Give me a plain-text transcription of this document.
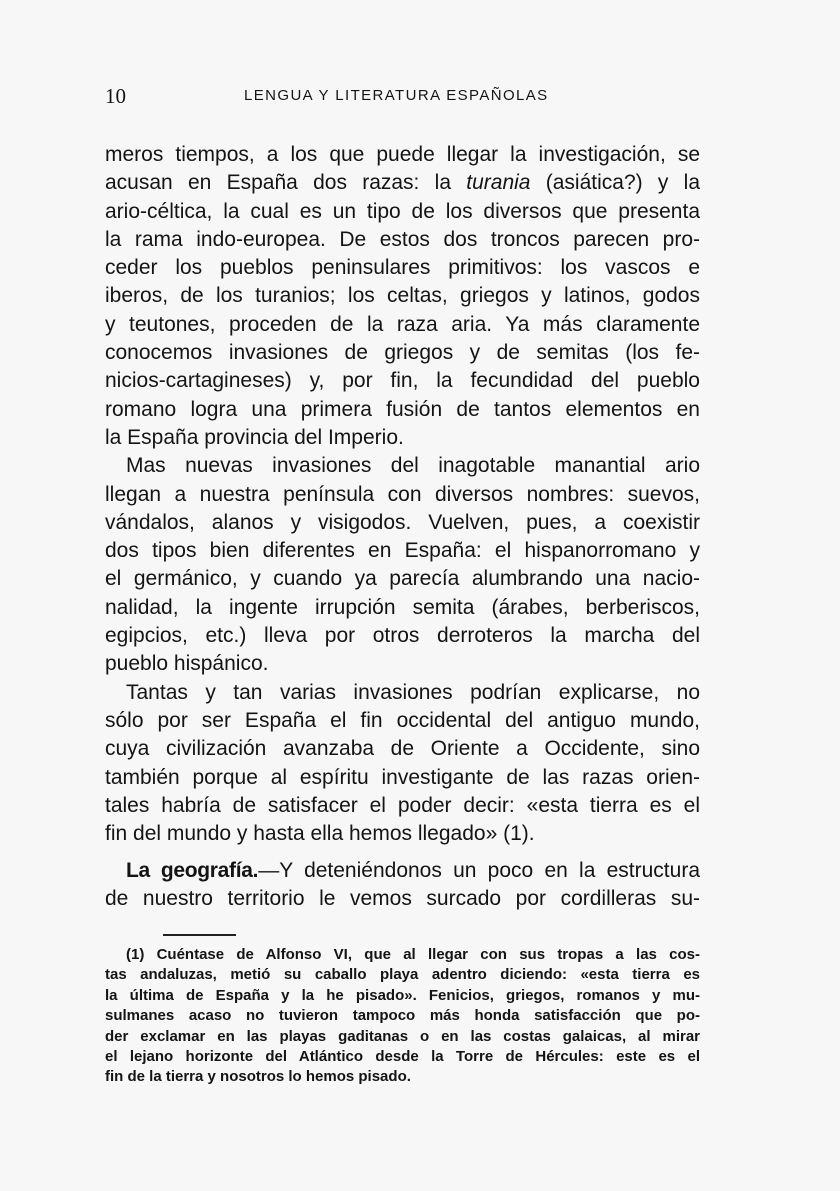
10	LENGUA Y LITERATURA ESPAÑOLAS
meros tiempos, a los que puede llegar la investigación, se
acusan en España dos razas: la turania (asiática?) y la
ario-céltica, la cual es un tipo de los diversos que presenta
la rama indo-europea. De estos dos troncos parecen pro-
ceder los pueblos peninsulares primitivos: los vascos e
iberos, de los turanios; los celtas, griegos y latinos, godos
y teutones, proceden de la raza aria. Ya más claramente
conocemos invasiones de griegos y de semitas (los fe-
nicios-cartagineses) y, por fin, la fecundidad del pueblo
romano logra una primera fusión de tantos elementos en
la España provincia del Imperio.
Mas nuevas invasiones del inagotable manantial ario
llegan a nuestra península con diversos nombres: suevos,
vándalos, alanos y visigodos. Vuelven, pues, a coexistir
dos tipos bien diferentes en España: el hispanorromano y
el germánico, y cuando ya parecía alumbrando una nacio-
nalidad, la ingente irrupción semita (árabes, berberiscos,
egipcios, etc.) lleva por otros derroteros la marcha del
pueblo hispánico.
Tantas y tan varias invasiones podrían explicarse, no
sólo por ser España el fin occidental del antiguo mundo,
cuya civilización avanzaba de Oriente a Occidente, sino
también porque al espíritu investigante de las razas orien-
tales habría de satisfacer el poder decir: «esta tierra es el
fin del mundo y hasta ella hemos llegado» (1).
La geografía.—Y deteniéndonos un poco en la estructura
de nuestro territorio le vemos surcado por cordilleras su-
(1) Cuéntase de Alfonso VI, que al llegar con sus tropas a las cos-
tas andaluzas, metió su caballo playa adentro diciendo: «esta tierra es
la última de España y la he pisado». Fenicios, griegos, romanos y mu-
sulmanes acaso no tuvieron tampoco más honda satisfacción que po-
der exclamar en las playas gaditanas o en las costas galaicas, al mirar
el lejano horizonte del Atlántico desde la Torre de Hércules: este es el
fin de la tierra y nosotros lo hemos pisado.
